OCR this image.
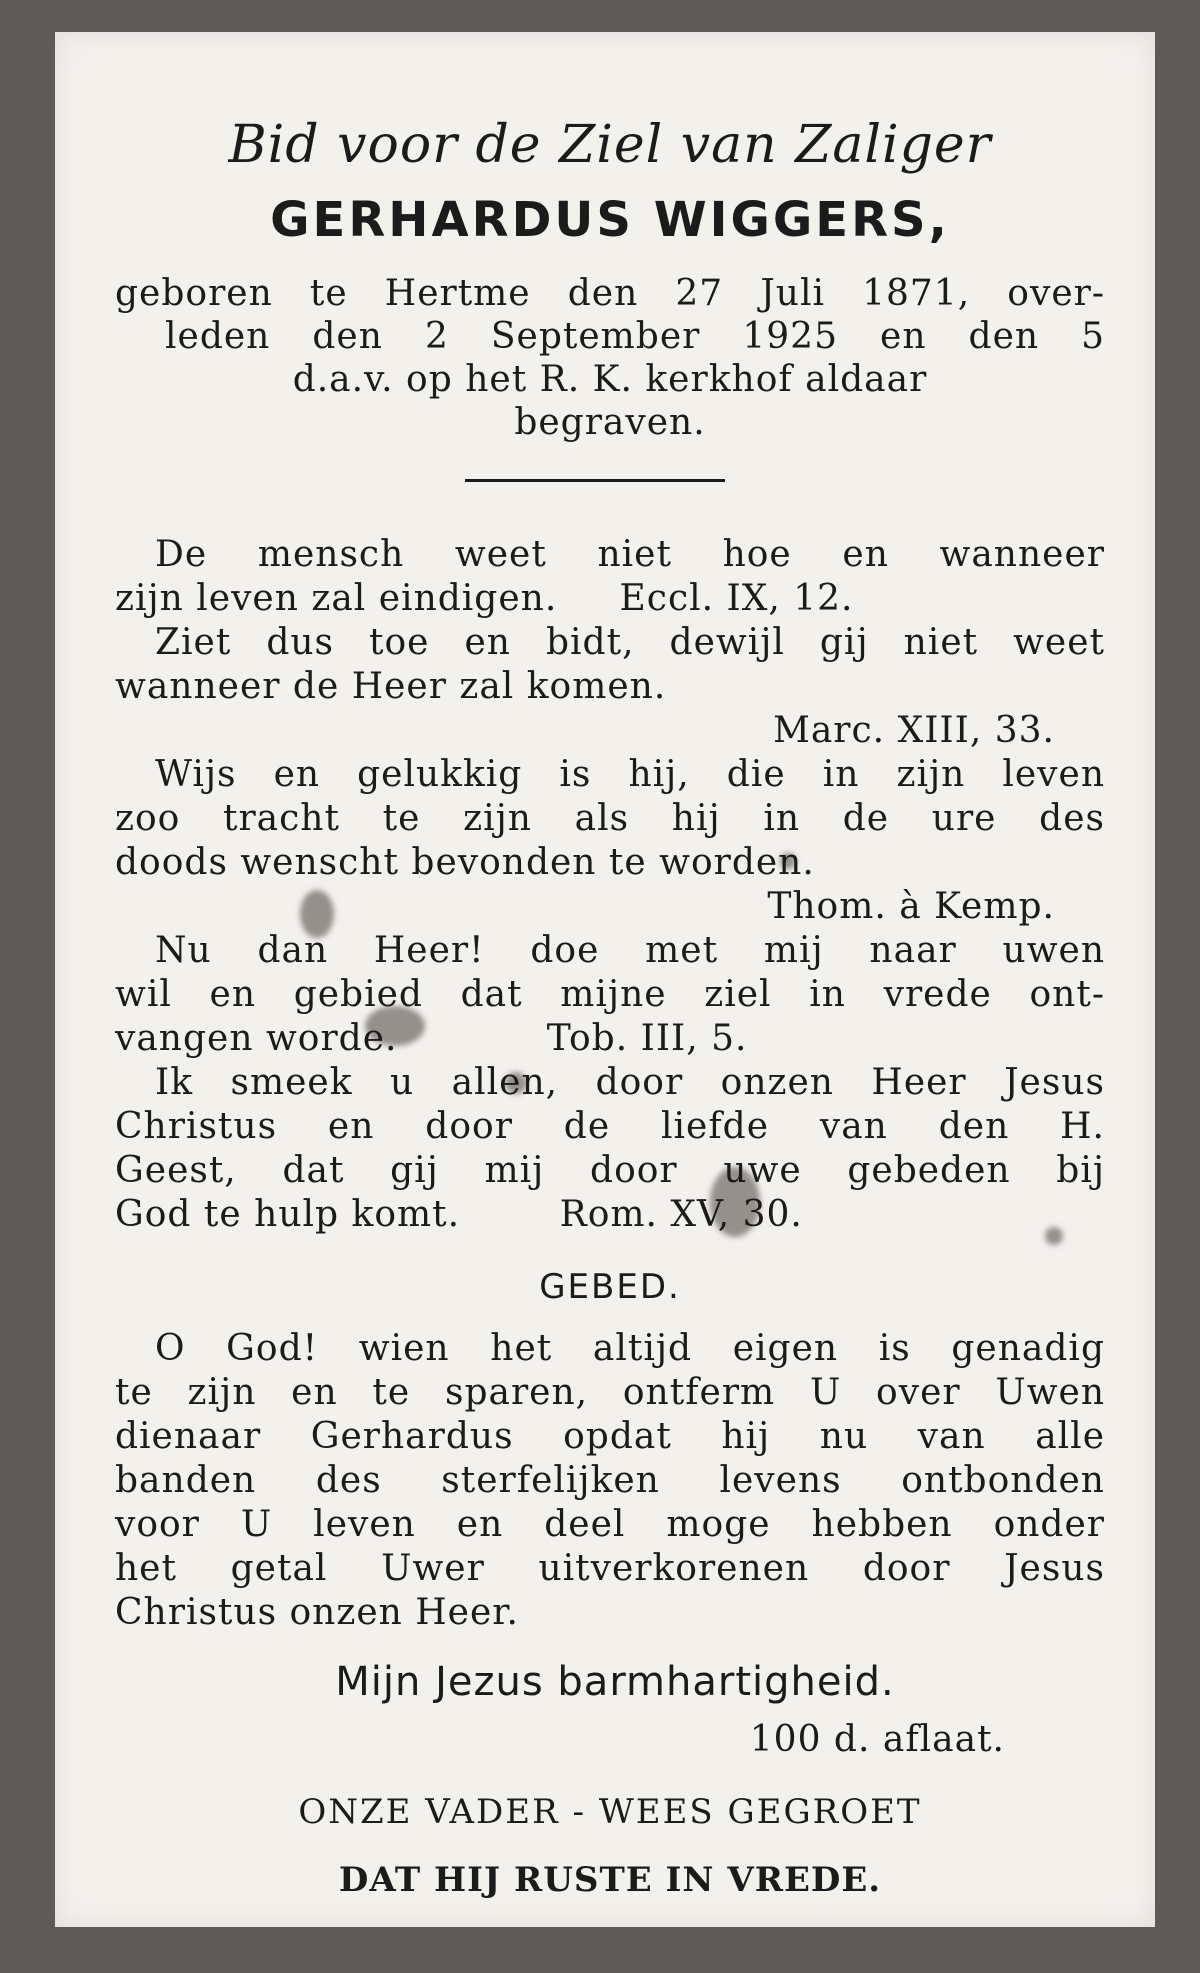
Bid voor de Ziel van Zaliger
GERHARDUS WIGGERS,
geboren te Hertme den 27 Juli 1871, over-
leden den 2 September 1925 en den 5
d.a.v. op het R. K. kerkhof aldaar
begraven.
De mensch weet niet hoe en wanneer
zijn leven zal eindigen.     Eccl. IX, 12.
Ziet dus toe en bidt, dewijl gij niet weet
wanneer de Heer zal komen.
Marc. XIII, 33.
Wijs en gelukkig is hij, die in zijn leven
zoo tracht te zijn als hij in de ure des
doods wenscht bevonden te worden.
Thom. à Kemp.
Nu dan Heer! doe met mij naar uwen
wil en gebied dat mijne ziel in vrede ont-
vangen worde.            Tob. III, 5.
Ik smeek u allen, door onzen Heer Jesus
Christus en door de liefde van den H.
Geest, dat gij mij door uwe gebeden bij
God te hulp komt.        Rom. XV, 30.
GEBED.
O God! wien het altijd eigen is genadig
te zijn en te sparen, ontferm U over Uwen
dienaar Gerhardus opdat hij nu van alle
banden des sterfelijken levens ontbonden
voor U leven en deel moge hebben onder
het getal Uwer uitverkorenen door Jesus
Christus onzen Heer.
Mijn Jezus barmhartigheid.
100 d. aflaat.
ONZE VADER - WEES GEGROET
DAT HIJ RUSTE IN VREDE.
